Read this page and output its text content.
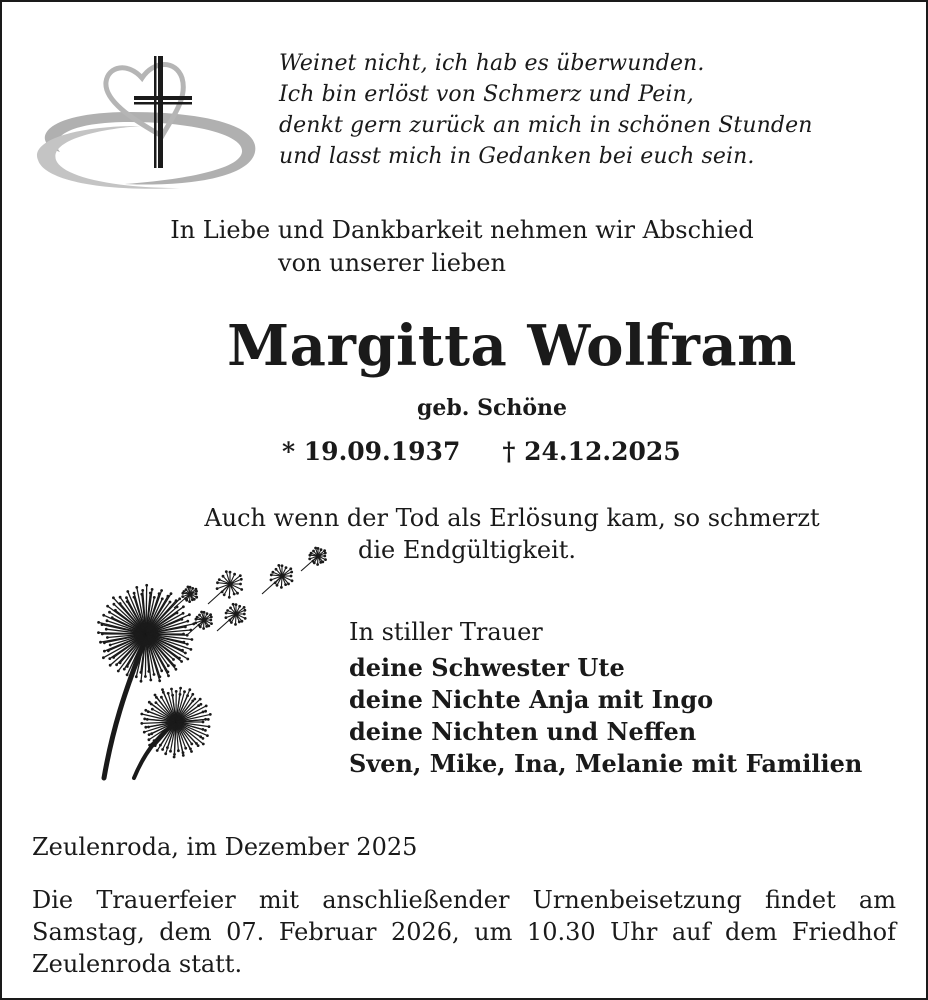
Weinet nicht, ich hab es überwunden.
Ich bin erlöst von Schmerz und Pein,
denkt gern zurück an mich in schönen Stunden
und lasst mich in Gedanken bei euch sein.
In Liebe und Dankbarkeit nehmen wir Abschied
von unserer lieben
Margitta Wolfram
geb. Schöne
* 19.09.1937 † 24.12.2025
Auch wenn der Tod als Erlösung kam, so schmerzt
die Endgültigkeit.
In stiller Trauer
deine Schwester Ute
deine Nichte Anja mit Ingo
deine Nichten und Neffen
Sven, Mike, Ina, Melanie mit Familien
Zeulenroda, im Dezember 2025
Die Trauerfeier mit anschließender Urnenbeisetzung findet am Samstag, dem 07. Februar 2026, um 10.30 Uhr auf dem Friedhof Zeulenroda statt.
